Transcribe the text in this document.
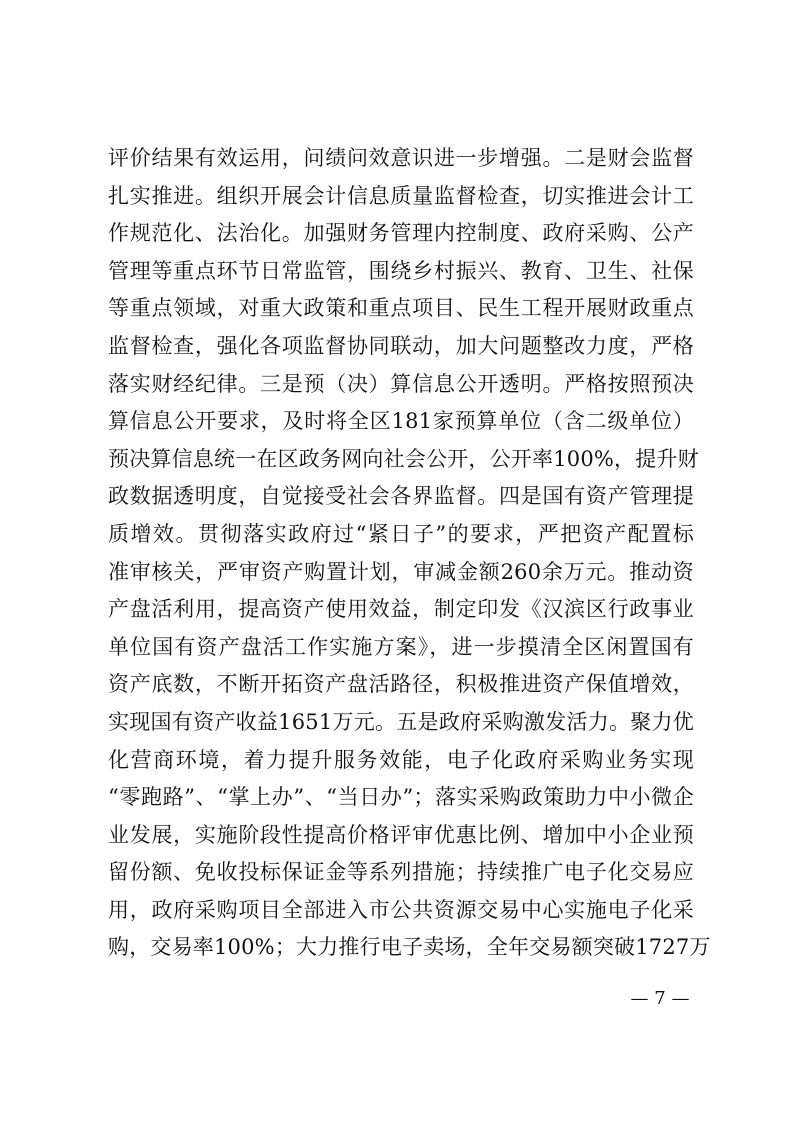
评价结果有效运用，问绩问效意识进一步增强。二是财会监督
扎实推进。组织开展会计信息质量监督检查，切实推进会计工
作规范化、法治化。加强财务管理内控制度、政府采购、公产
管理等重点环节日常监管，围绕乡村振兴、教育、卫生、社保
等重点领域，对重大政策和重点项目、民生工程开展财政重点
监督检查，强化各项监督协同联动，加大问题整改力度，严格
落实财经纪律。三是预（决）算信息公开透明。严格按照预决
算信息公开要求，及时将全区181家预算单位（含二级单位）
预决算信息统一在区政务网向社会公开，公开率100%，提升财
政数据透明度，自觉接受社会各界监督。四是国有资产管理提
质增效。贯彻落实政府过“紧日子”的要求，严把资产配置标
准审核关，严审资产购置计划，审减金额260余万元。推动资
产盘活利用，提高资产使用效益，制定印发《汉滨区行政事业
单位国有资产盘活工作实施方案》，进一步摸清全区闲置国有
资产底数，不断开拓资产盘活路径，积极推进资产保值增效，
实现国有资产收益1651万元。五是政府采购激发活力。聚力优
化营商环境，着力提升服务效能，电子化政府采购业务实现
“零跑路”、“掌上办”、“当日办”；落实采购政策助力中小微企
业发展，实施阶段性提高价格评审优惠比例、增加中小企业预
留份额、免收投标保证金等系列措施；持续推广电子化交易应
用，政府采购项目全部进入市公共资源交易中心实施电子化采
购，交易率100%；大力推行电子卖场，全年交易额突破1727万
— 7 —
